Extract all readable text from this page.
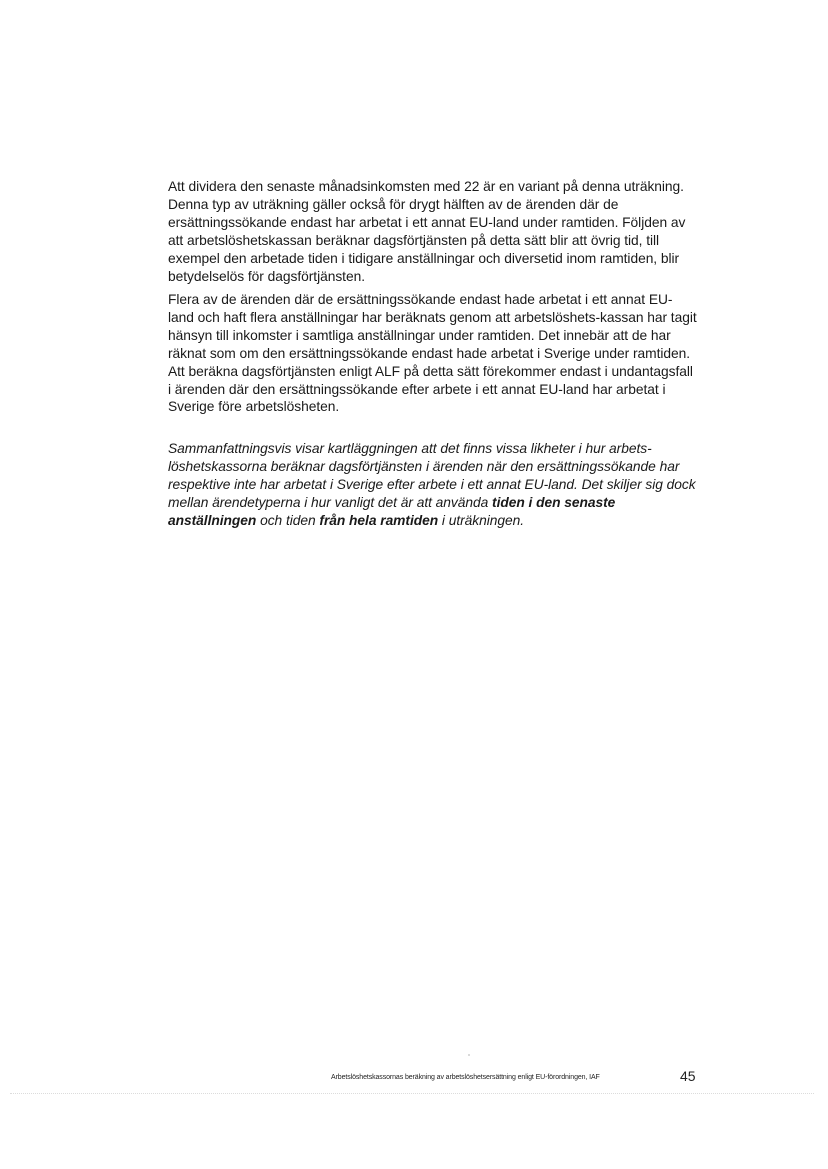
Att dividera den senaste månadsinkomsten med 22 är en variant på denna uträkning. Denna typ av uträkning gäller också för drygt hälften av de ärenden där de ersättningssökande endast har arbetat i ett annat EU-land under ramtiden. Följden av att arbetslöshetskassan beräknar dagsförtjänsten på detta sätt blir att övrig tid, till exempel den arbetade tiden i tidigare anställningar och diversetid inom ramtiden, blir betydelselös för dagsförtjänsten.

Flera av de ärenden där de ersättningssökande endast hade arbetat i ett annat EU-land och haft flera anställningar har beräknats genom att arbetslöshets-kassan har tagit hänsyn till inkomster i samtliga anställningar under ramtiden. Det innebär att de har räknat som om den ersättningssökande endast hade arbetat i Sverige under ramtiden. Att beräkna dagsförtjänsten enligt ALF på detta sätt förekommer endast i undantagsfall i ärenden där den ersättningssökande efter arbete i ett annat EU-land har arbetat i Sverige före arbetslösheten.

Sammanfattningsvis visar kartläggningen att det finns vissa likheter i hur arbets-löshetskassorna beräknar dagsförtjänsten i ärenden när den ersättningssökande har respektive inte har arbetat i Sverige efter arbete i ett annat EU-land. Det skiljer sig dock mellan ärendetyperna i hur vanligt det är att använda tiden i den senaste anställningen och tiden från hela ramtiden i uträkningen.

Arbetslöshetskassornas beräkning av arbetslöshetsersättning enligt EU-förordningen, IAF	45
